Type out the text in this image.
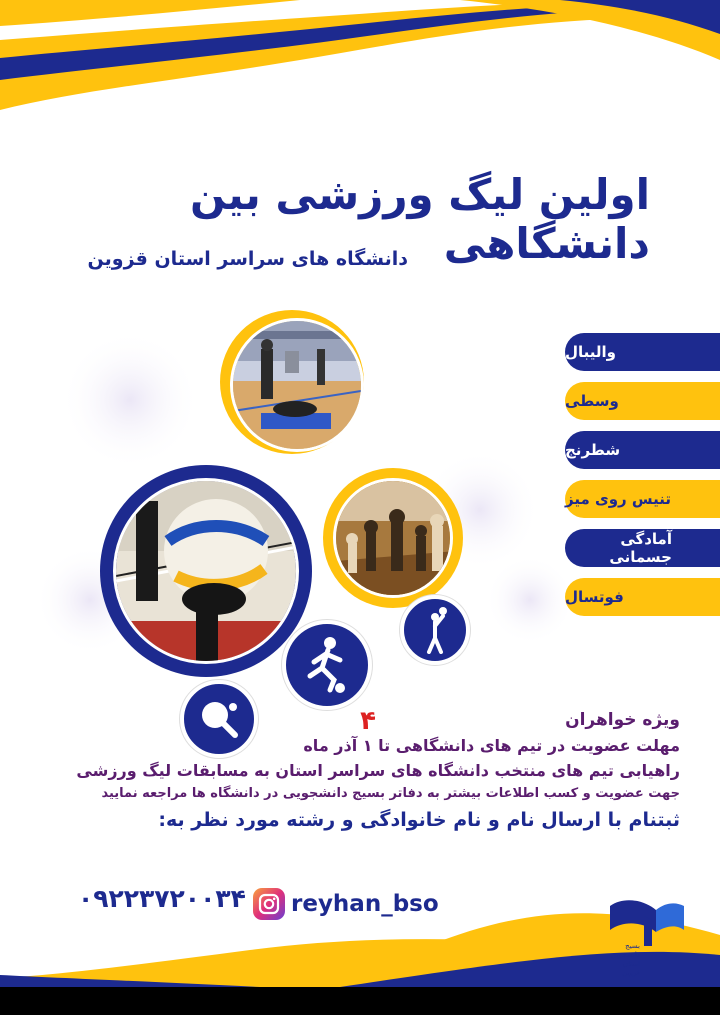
اولین لیگ ورزشی بین دانشگاهی
دانشگاه های سراسر استان قزوین
والیبال
وسطی
شطرنج
تنیس روی میز
آمادگی جسمانی
فوتسال
ویژه خواهران
مهلت عضویت در تیم های دانشگاهی تا ۱ آذر ماه
راهیابی تیم های منتخب دانشگاه های سراسر استان به مسابقات لیگ ورزشی
جهت عضویت و کسب اطلاعات بیشتر به دفاتر بسیج دانشجویی در دانشگاه ها مراجعه نمایید
ثبتنام با ارسال نام و نام خانوادگی و رشته مورد نظر به:
۴
۰۹۲۲۳۷۲۰۰۳۴ reyhan_bso
بسیج
دانشجویی
استان قزوین
